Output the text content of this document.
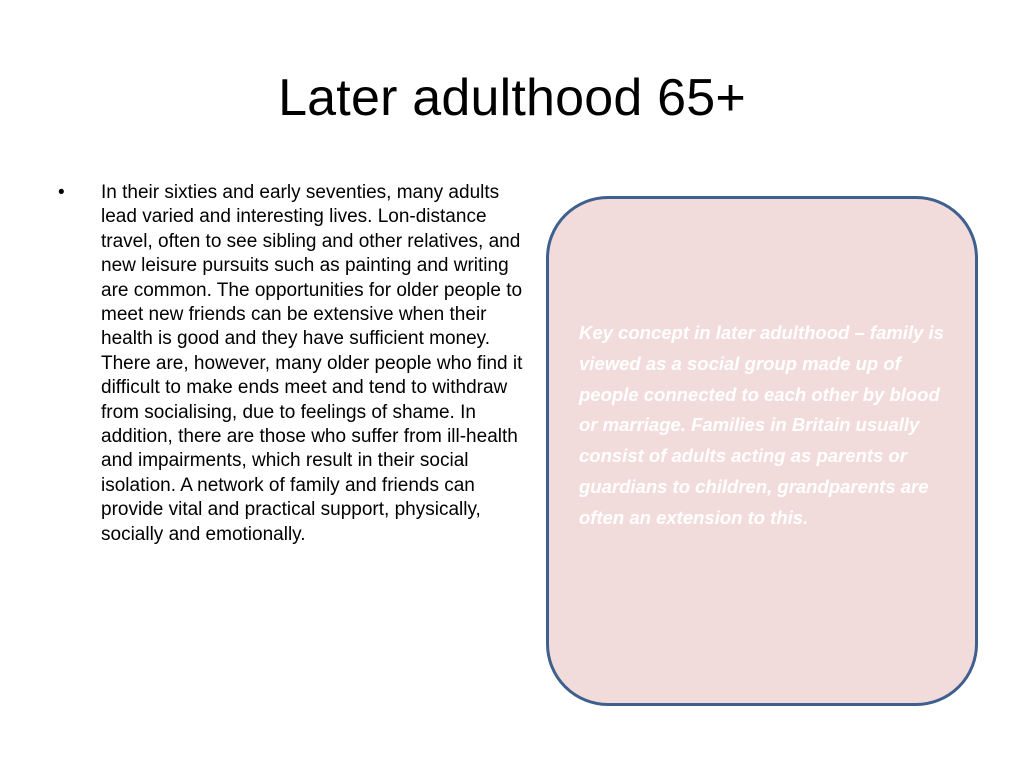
Later adulthood 65+
• In their sixties and early seventies, many adults lead varied and interesting lives. Lon-distance travel, often to see sibling and other relatives, and new leisure pursuits such as painting and writing are common. The opportunities for older people to meet new friends can be extensive when their health is good and they have sufficient money. There are, however, many older people who find it difficult to make ends meet and tend to withdraw from socialising, due to feelings of shame. In addition, there are those who suffer from ill-health and impairments, which result in their social isolation. A network of family and friends can provide vital and practical support, physically, socially and emotionally.

Key concept in later adulthood – family is viewed as a social group made up of people connected to each other by blood or marriage. Families in Britain usually consist of adults acting as parents or guardians to children, grandparents are often an extension to this.
